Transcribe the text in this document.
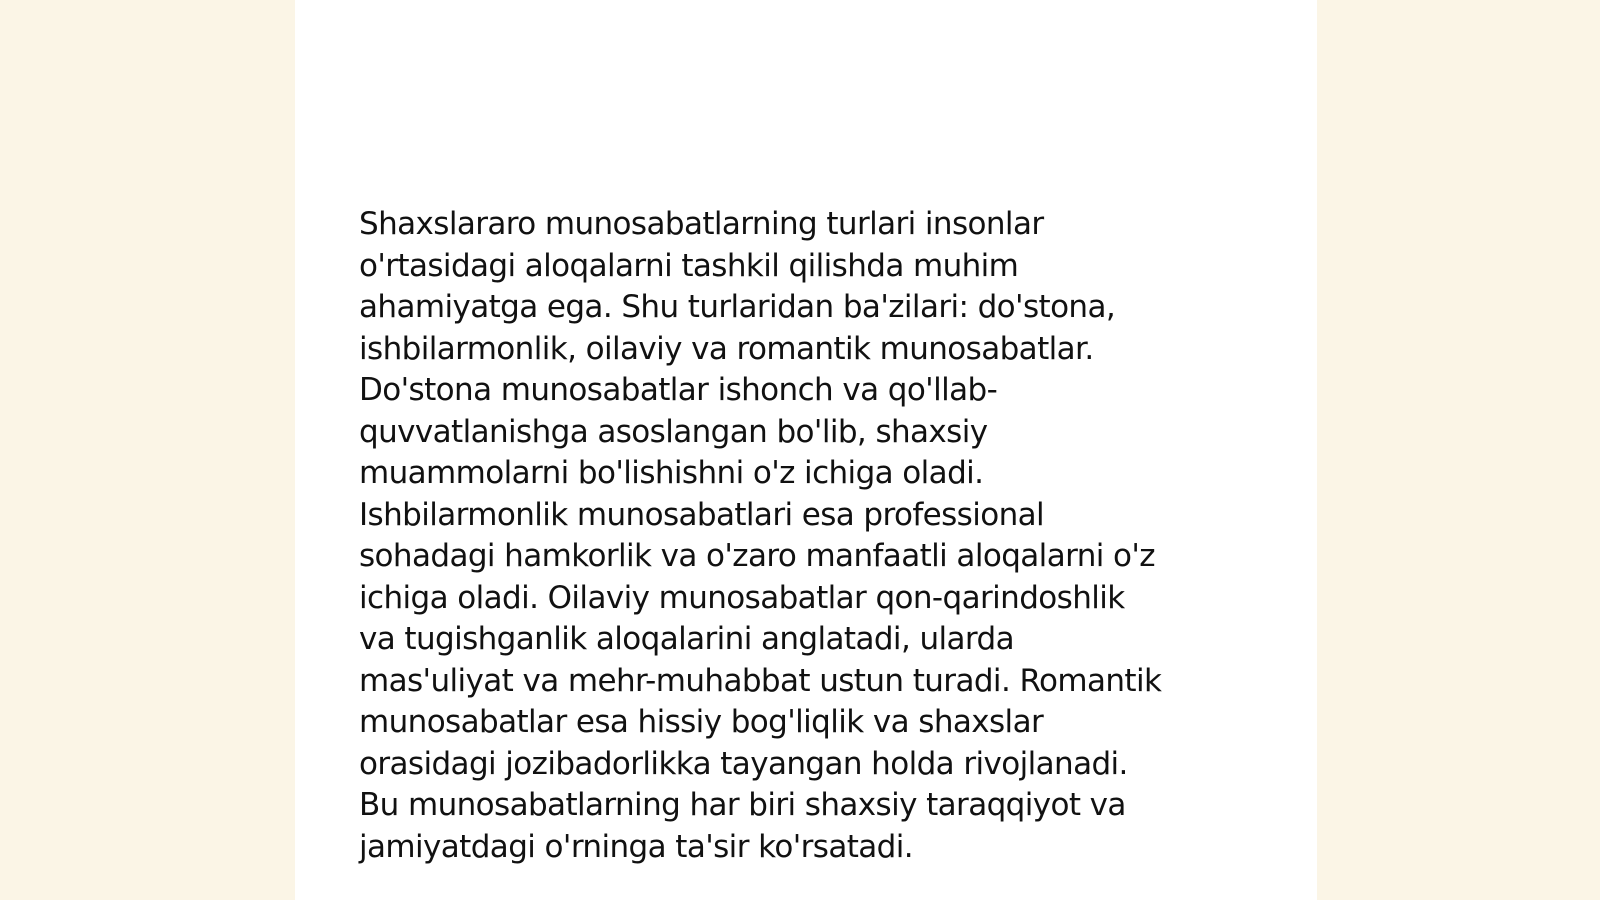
Shaxslararo munosabatlarning turlari insonlar
o'rtasidagi aloqalarni tashkil qilishda muhim
ahamiyatga ega. Shu turlaridan ba'zilari: do'stona,
ishbilarmonlik, oilaviy va romantik munosabatlar.
Do'stona munosabatlar ishonch va qo'llab-
quvvatlanishga asoslangan bo'lib, shaxsiy
muammolarni bo'lishishni o'z ichiga oladi.
Ishbilarmonlik munosabatlari esa professional
sohadagi hamkorlik va o'zaro manfaatli aloqalarni o'z
ichiga oladi. Oilaviy munosabatlar qon-qarindoshlik
va tugishganlik aloqalarini anglatadi, ularda
mas'uliyat va mehr-muhabbat ustun turadi. Romantik
munosabatlar esa hissiy bog'liqlik va shaxslar
orasidagi jozibadorlikka tayangan holda rivojlanadi.
Bu munosabatlarning har biri shaxsiy taraqqiyot va
jamiyatdagi o'rninga ta'sir ko'rsatadi.
